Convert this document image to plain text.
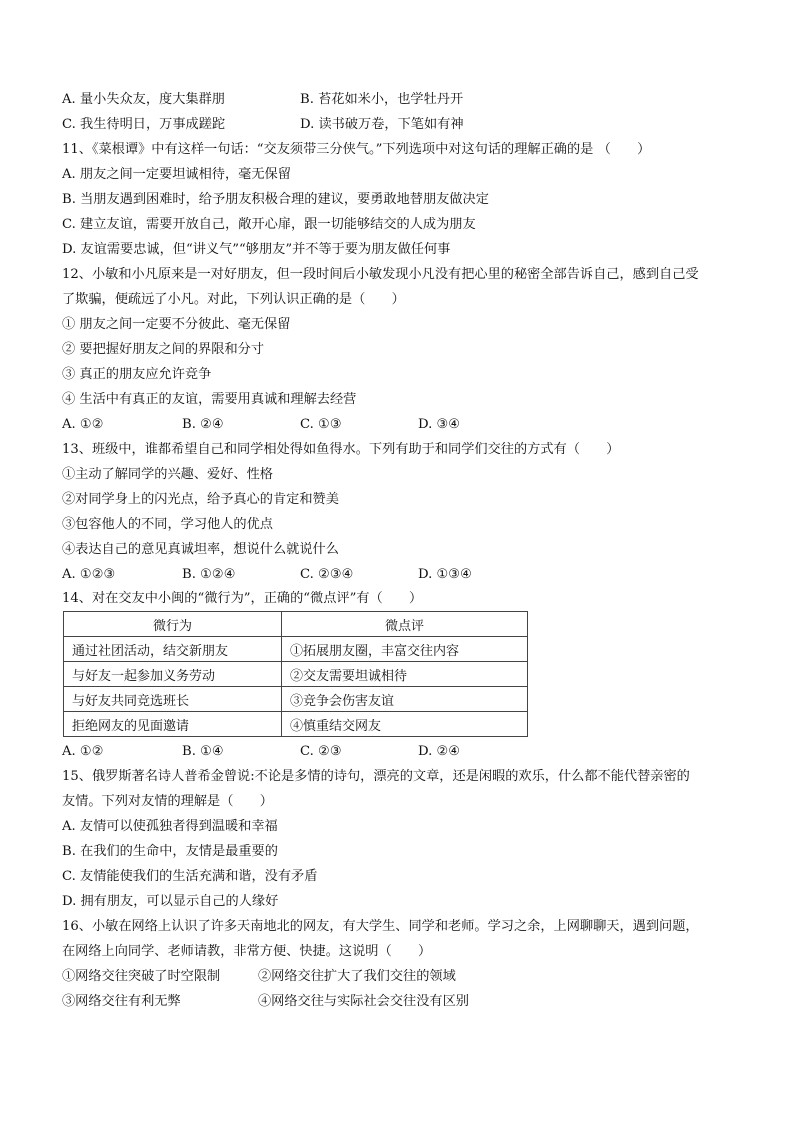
A. 量小失众友，度大集群朋	B. 苔花如米小，也学牡丹开
C. 我生待明日，万事成蹉跎	D. 读书破万卷，下笔如有神
11、《菜根谭》中有这样一句话：“交友须带三分侠气。”下列选项中对这句话的理解正确的是 （　　）
A. 朋友之间一定要坦诚相待，毫无保留
B. 当朋友遇到困难时，给予朋友积极合理的建议，要勇敢地替朋友做决定
C. 建立友谊，需要开放自己，敞开心扉，跟一切能够结交的人成为朋友
D. 友谊需要忠诚，但“讲义气”“够朋友”并不等于要为朋友做任何事
12、小敏和小凡原来是一对好朋友，但一段时间后小敏发现小凡没有把心里的秘密全部告诉自己，感到自己受
了欺骗，便疏远了小凡。对此，下列认识正确的是（　　）
① 朋友之间一定要不分彼此、毫无保留
② 要把握好朋友之间的界限和分寸
③ 真正的朋友应允许竞争
④ 生活中有真正的友谊，需要用真诚和理解去经营
A. ①②	B. ②④	C. ①③	D. ③④
13、班级中，谁都希望自己和同学相处得如鱼得水。下列有助于和同学们交往的方式有（　　）
①主动了解同学的兴趣、爱好、性格
②对同学身上的闪光点，给予真心的肯定和赞美
③包容他人的不同，学习他人的优点
④表达自己的意见真诚坦率，想说什么就说什么
A. ①②③	B. ①②④	C. ②③④	D. ①③④
14、对在交友中小闽的“微行为”，正确的“微点评”有（　　）
微行为	微点评
通过社团活动，结交新朋友	①拓展朋友圈，丰富交往内容
与好友一起参加义务劳动	②交友需要坦诚相待
与好友共同竞选班长	③竞争会伤害友谊
拒绝网友的见面邀请	④慎重结交网友
A. ①②	B. ①④	C. ②③	D. ②④
15、俄罗斯著名诗人普希金曾说:不论是多情的诗句，漂亮的文章，还是闲暇的欢乐，什么都不能代替亲密的
友情。下列对友情的理解是（　　）
A. 友情可以使孤独者得到温暖和幸福
B. 在我们的生命中，友情是最重要的
C. 友情能使我们的生活充满和谐，没有矛盾
D. 拥有朋友，可以显示自己的人缘好
16、小敏在网络上认识了许多天南地北的网友，有大学生、同学和老师。学习之余，上网聊聊天，遇到问题，
在网络上向同学、老师请教，非常方便、快捷。这说明（　　）
①网络交往突破了时空限制	②网络交往扩大了我们交往的领域
③网络交往有利无弊	④网络交往与实际社会交往没有区别
